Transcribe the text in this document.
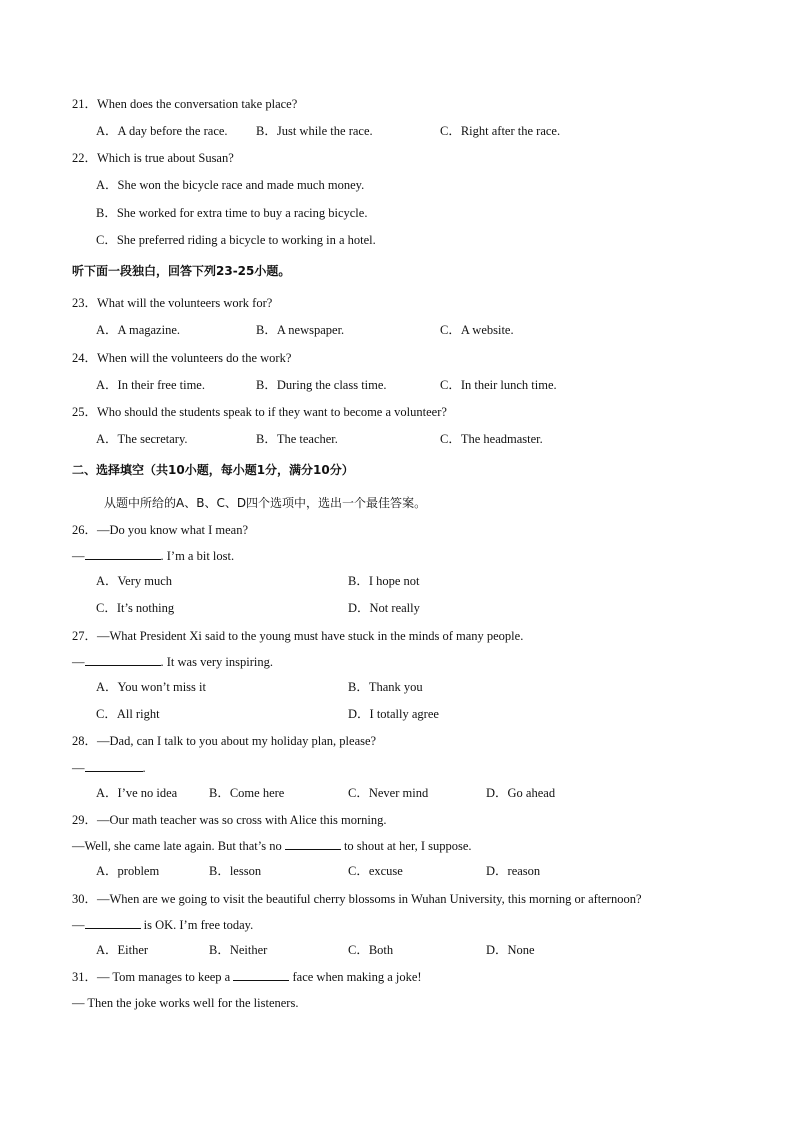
21．When does the conversation take place?
A．A day before the race. B．Just while the race.	C．Right after the race.
22．Which is true about Susan?
A．She won the bicycle race and made much money.
B．She worked for extra time to buy a racing bicycle.
C．She preferred riding a bicycle to working in a hotel.
听下面一段独白，回答下列23-25小题。
23．What will the volunteers work for?
A．A magazine.	B．A newspaper.	C．A website.
24．When will the volunteers do the work?
A．In their free time.	B．During the class time.	C．In their lunch time.
25．Who should the students speak to if they want to become a volunteer?
A．The secretary.	B．The teacher.	C．The headmaster.
二、选择填空（共10小题，每小题1分，满分10分）
从题中所给的A、B、C、D四个选项中，选出一个最佳答案。
26．—Do you know what I mean?
—	. I’m a bit lost.
A．Very much	B．I hope not
C．It’s nothing	D．Not really
27．—What President Xi said to the young must have stuck in the minds of many people.
—	. It was very inspiring.
A．You won’t miss it	B．Thank you
C．All right	D．I totally agree
28．—Dad, can I talk to you about my holiday plan, please?
—	.
A．I’ve no idea	B．Come here	C．Never mind	D．Go ahead
29．—Our math teacher was so cross with Alice this morning.
—Well, she came late again. But that’s no	to shout at her, I suppose.
A．problem	B．lesson	C．excuse	D．reason
30．—When are we going to visit the beautiful cherry blossoms in Wuhan University, this morning or afternoon?
—	is OK. I’m free today.
A．Either	B．Neither	C．Both	D．None
31．— Tom manages to keep a	face when making a joke!
— Then the joke works well for the listeners.
